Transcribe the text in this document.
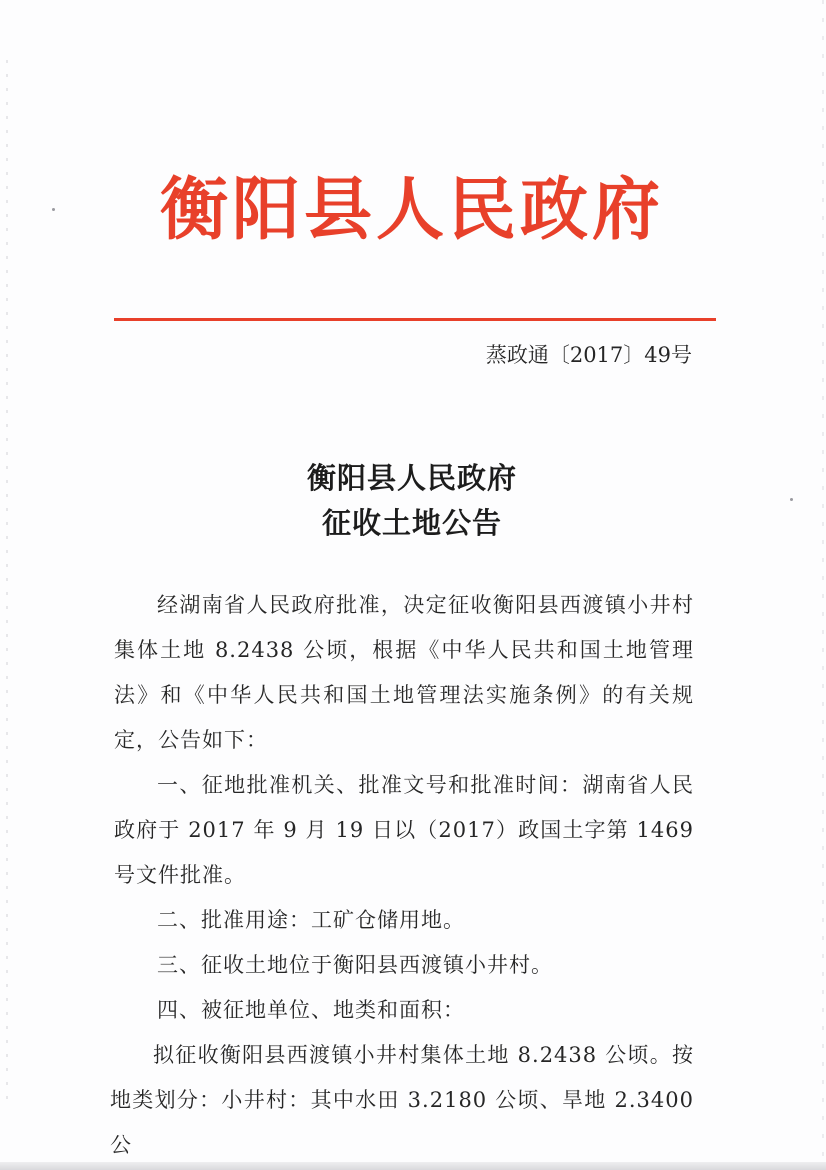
衡阳县人民政府
蒸政通〔2017〕49号
衡阳县人民政府
征收土地公告

经湖南省人民政府批准，决定征收衡阳县西渡镇小井村集体土地 8.2438 公顷，根据《中华人民共和国土地管理法》和《中华人民共和国土地管理法实施条例》的有关规定，公告如下：

一、征地批准机关、批准文号和批准时间：湖南省人民政府于 2017 年 9 月 19 日以（2017）政国土字第 1469 号文件批准。

二、批准用途：工矿仓储用地。

三、征收土地位于衡阳县西渡镇小井村。

四、被征地单位、地类和面积：

拟征收衡阳县西渡镇小井村集体土地 8.2438 公顷。按地类划分：小井村：其中水田 3.2180 公顷、旱地 2.3400 公
